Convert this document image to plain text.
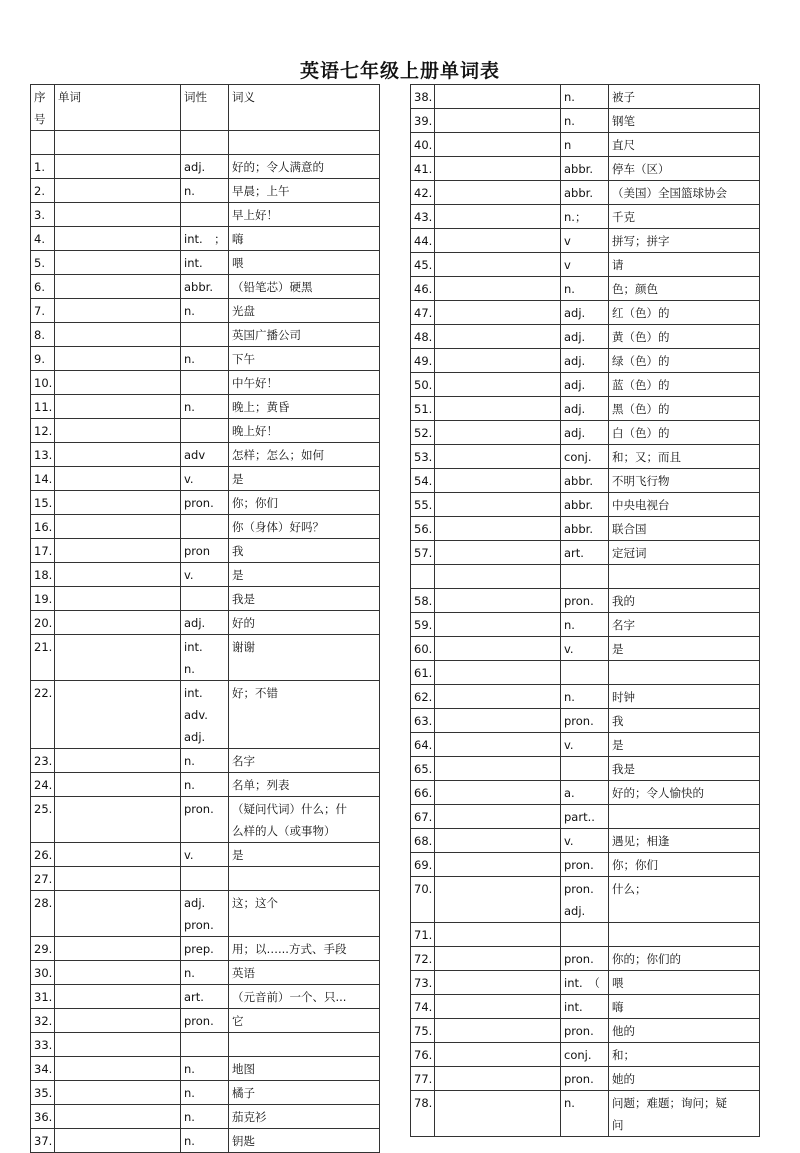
英语七年级上册单词表
序
号	单词	词性	词义

1.		adj.	好的；令人满意的

2.		n.	早晨；上午

3.			早上好！

4.		int.　；	嗨

5.		int.	喂

6.		abbr.	（铅笔芯）硬黑

7.		n.	光盘

8.			英国广播公司

9.		n.	下午

10.			中午好！

11.		n.	晚上；黄昏

12.			晚上好！

13.		adv	怎样；怎么；如何

14.		v.	是

15.		pron.	你；你们

16.			你（身体）好吗？

17.		pron	我

18.		v.	是

19.			我是

20.		adj.	好的

21.		int.
n.	谢谢

22.		int.
adv.
adj.	好；不错

23.		n.	名字

24.		n.	名单；列表

25.		pron.	（疑问代词）什么；什
么样的人（或事物）

26.		v.	是

27.			

28.		adj.
pron.	这；这个

29.		prep.	用；以…...方式、手段

30.		n.	英语

31.		art.	（元音前）一个、只...

32.		pron.	它

33.			

34.		n.	地图

35.		n.	橘子

36.		n.	茄克衫

37.		n.	钥匙
38.		n.	被子

39.		n.	钢笔

40.		n	直尺

41.		abbr.	停车（区）

42.		abbr.	（美国）全国篮球协会

43.		n.；	千克

44.		v	拼写；拼字

45.		v	请

46.		n.	色；颜色

47.		adj.	红（色）的

48.		adj.	黄（色）的

49.		adj.	绿（色）的

50.		adj.	蓝（色）的

51.		adj.	黑（色）的

52.		adj.	白（色）的

53.		conj.	和；又；而且

54.		abbr.	不明飞行物

55.		abbr.	中央电视台

56.		abbr.	联合国

57.		art.	定冠词

58.		pron.	我的

59.		n.	名字

60.		v.	是

61.			

62.		n.	时钟

63.		pron.	我

64.		v.	是

65.			我是

66.		a.	好的；令人愉快的

67.		part..	

68.		v.	遇见；相逢

69.		pron.	你；你们

70.		pron.
adj.	什么；

71.			

72.		pron.	你的；你们的

73.		int.　（	喂

74.		int.	嗨

75.		pron.	他的

76.		conj.	和；

77.		pron.	她的

78.		n.	问题；难题；询问；疑
问
